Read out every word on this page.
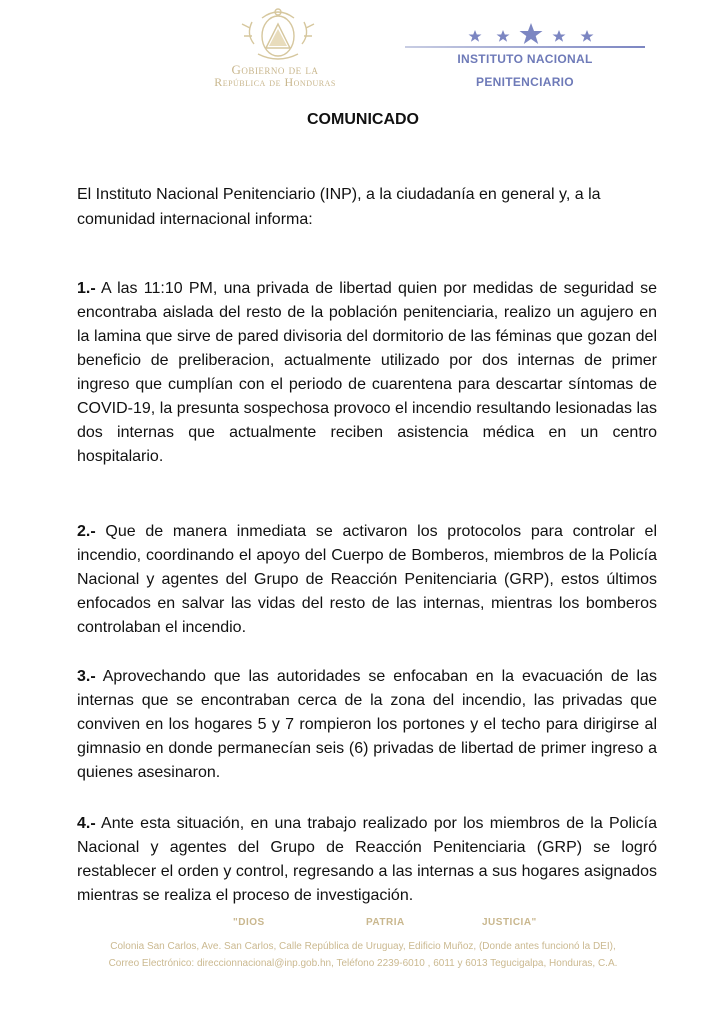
Gobierno de la
República de Honduras
INSTITUTO NACIONAL
PENITENCIARIO
COMUNICADO
El Instituto Nacional Penitenciario (INP), a la ciudadanía en general y, a la comunidad internacional informa:
1.- A las 11:10 PM, una privada de libertad quien por medidas de seguridad se encontraba aislada del resto de la población penitenciaria, realizo un agujero en la lamina que sirve de pared divisoria del dormitorio de las féminas que gozan del beneficio de preliberacion, actualmente utilizado por dos internas de primer ingreso que cumplían con el periodo de cuarentena para descartar síntomas de COVID-19, la presunta sospechosa provoco el incendio resultando lesionadas las dos internas que actualmente reciben asistencia médica en un centro hospitalario.
2.- Que de manera inmediata se activaron los protocolos para controlar el incendio, coordinando el apoyo del Cuerpo de Bomberos, miembros de la Policía Nacional y agentes del Grupo de Reacción Penitenciaria (GRP), estos últimos enfocados en salvar las vidas del resto de las internas, mientras los bomberos controlaban el incendio.
3.- Aprovechando que las autoridades se enfocaban en la evacuación de las internas que se encontraban cerca de la zona del incendio, las privadas que conviven en los hogares 5 y 7 rompieron los portones y el techo para dirigirse al gimnasio en donde permanecían seis (6) privadas de libertad de primer ingreso a quienes asesinaron.
4.- Ante esta situación, en una trabajo realizado por los miembros de la Policía Nacional y agentes del Grupo de Reacción Penitenciaria (GRP) se logró restablecer el orden y control, regresando a las internas a sus hogares asignados mientras se realiza el proceso de investigación.
"DIOS	PATRIA	JUSTICIA"
Colonia San Carlos, Ave. San Carlos, Calle República de Uruguay, Edificio Muñoz, (Donde antes funcionó la DEI),
Correo Electrónico: direccionnacional@inp.gob.hn, Teléfono 2239-6010 , 6011 y 6013 Tegucigalpa, Honduras, C.A.
